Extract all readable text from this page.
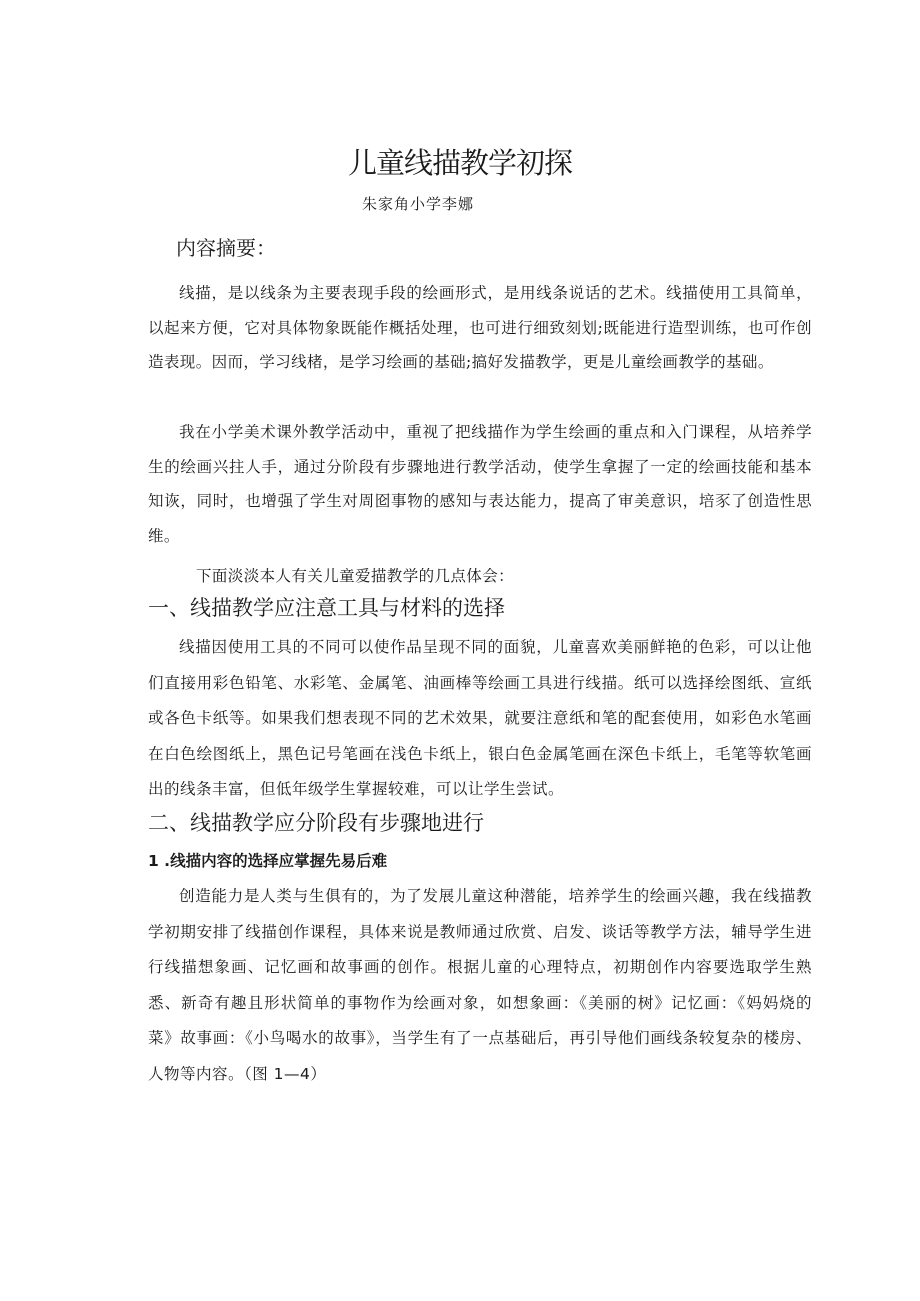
儿童线描教学初探
朱家角小学李娜
内容摘要：

线描，是以线条为主要表现手段的绘画形式，是用线条说话的艺术。线描使用工具简单，以起来方便，它对具体物象既能作概括处理，也可进行细致刻划;既能进行造型训练，也可作创造表现。因而，学习线楮，是学习绘画的基础;搞好发描教学，更是儿童绘画教学的基础。

我在小学美术课外教学活动中，重视了把线描作为学生绘画的重点和入门课程，从培养学生的绘画兴拄人手，通过分阶段有步骤地进行教学活动，使学生拿握了一定的绘画技能和基本知诙，同时，也增强了学生对周囵事物的感知与表达能力，提高了审美意识，培豕了创造性思维。

下面淡淡本人有关儿童爱描教学的几点体会：
一、线描教学应注意工具与材料的选择

线描因使用工具的不同可以使作品呈现不同的面貌，儿童喜欢美丽鲜艳的色彩，可以让他们直接用彩色铅笔、水彩笔、金属笔、油画棒等绘画工具进行线描。纸可以选择绘图纸、宣纸或各色卡纸等。如果我们想表现不同的艺术效果，就要注意纸和笔的配套使用，如彩色水笔画在白色绘图纸上，黑色记号笔画在浅色卡纸上，银白色金属笔画在深色卡纸上，毛笔等软笔画出的线条丰富，但低年级学生掌握较难，可以让学生尝试。

二、线描教学应分阶段有步骤地进行
1 .线描内容的选择应掌握先易后难

创造能力是人类与生俱有的，为了发展儿童这种潜能，培养学生的绘画兴趣，我在线描教学初期安排了线描创作课程，具体来说是教师通过欣赏、启发、谈话等教学方法，辅导学生进行线描想象画、记忆画和故事画的创作。根据儿童的心理特点，初期创作内容要选取学生熟悉、新奇有趣且形状简单的事物作为绘画对象，如想象画：《美丽的树》记忆画：《妈妈烧的菜》故事画：《小鸟喝水的故事》，当学生有了一点基础后，再引导他们画线条较复杂的楼房、人物等内容。（图 1—4）
